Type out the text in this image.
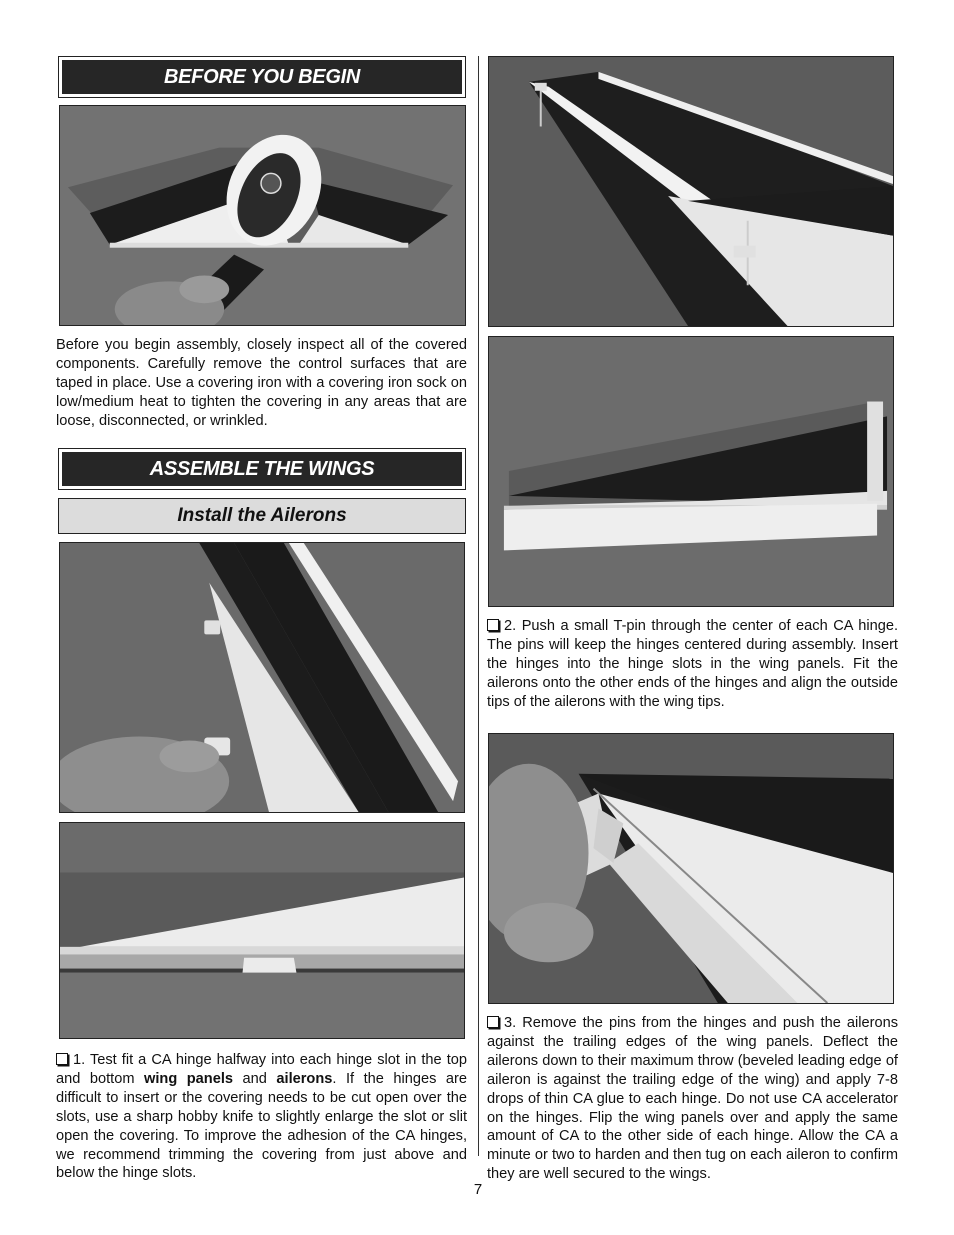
BEFORE YOU BEGIN
Before you begin assembly, closely inspect all of the covered components. Carefully remove the control surfaces that are taped in place. Use a covering iron with a covering iron sock on low/medium heat to tighten the covering in any areas that are loose, disconnected, or wrinkled.
ASSEMBLE THE WINGS
Install the Ailerons
1. Test fit a CA hinge halfway into each hinge slot in the top and bottom wing panels and ailerons. If the hinges are difficult to insert or the covering needs to be cut open over the slots, use a sharp hobby knife to slightly enlarge the slot or slit open the covering. To improve the adhesion of the CA hinges, we recommend trimming the covering from just above and below the hinge slots.
2. Push a small T-pin through the center of each CA hinge. The pins will keep the hinges centered during assembly. Insert the hinges into the hinge slots in the wing panels. Fit the ailerons onto the other ends of the hinges and align the outside tips of the ailerons with the wing tips.
3. Remove the pins from the hinges and push the ailerons against the trailing edges of the wing panels. Deflect the ailerons down to their maximum throw (beveled leading edge of aileron is against the trailing edge of the wing) and apply 7-8 drops of thin CA glue to each hinge. Do not use CA accelerator on the hinges. Flip the wing panels over and apply the same amount of CA to the other side of each hinge. Allow the CA a minute or two to harden and then tug on each aileron to confirm they are well secured to the wings.
7
